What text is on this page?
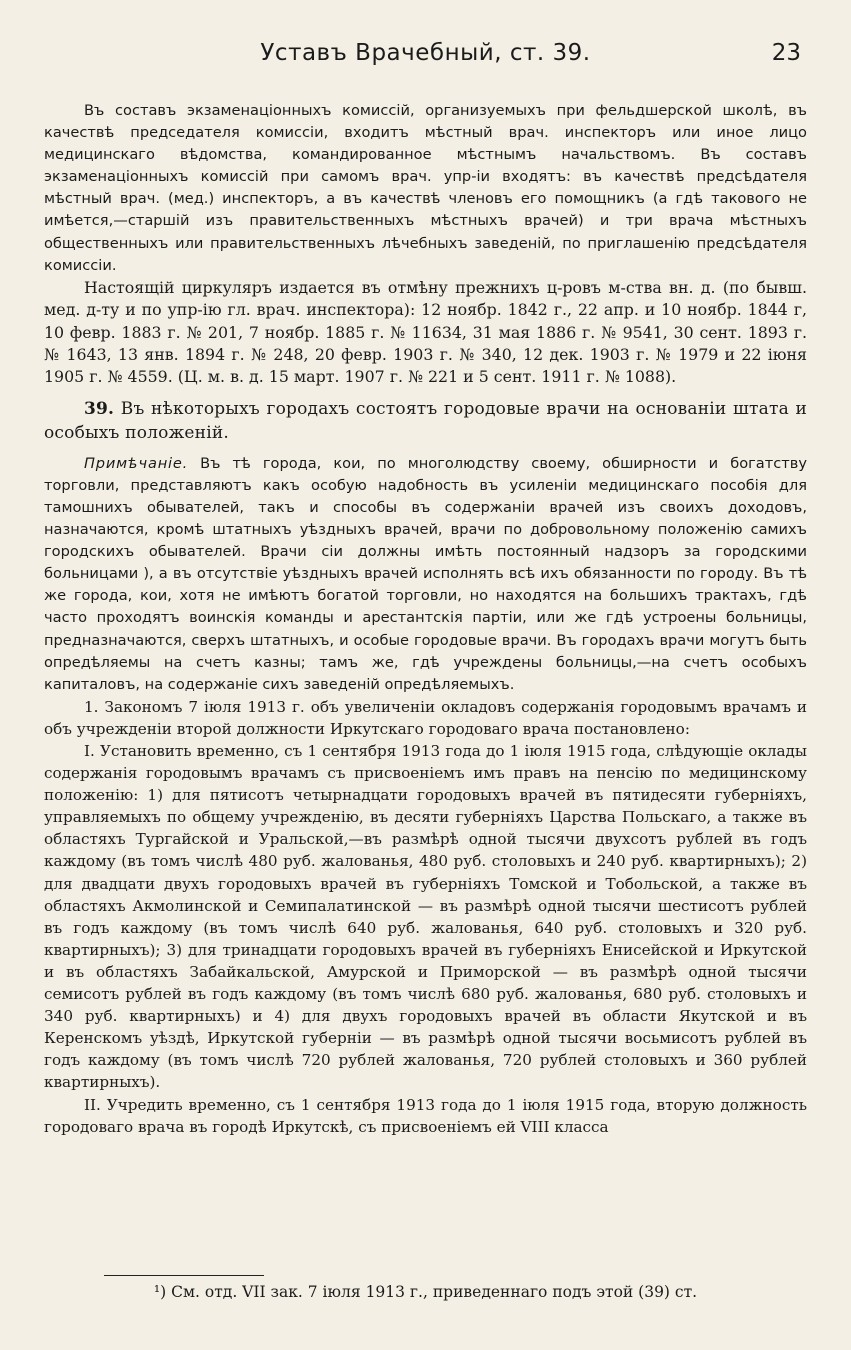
Уставъ Врачебный, ст. 39.	23

Въ составъ экзаменаціонныхъ комиссій, организуемыхъ при фельдшерской школѣ, въ качествѣ председателя комиссіи, входитъ мѣстный врач. инспекторъ или иное лицо медицинскаго вѣдомства, командированное мѣстнымъ начальствомъ. Въ составъ экзаменаціонныхъ комиссій при самомъ врач. упр-іи входятъ: въ качествѣ предсѣдателя мѣстный врач. (мед.) инспекторъ, а въ качествѣ членовъ его помощникъ (а гдѣ такового не имѣется,—старшій изъ правительственныхъ мѣстныхъ врачей) и три врача мѣстныхъ общественныхъ или правительственныхъ лѣчебныхъ заведеній, по приглашенію предсѣдателя комиссіи.

Настоящій циркуляръ издается въ отмѣну прежнихъ ц-ровъ м-ства вн. д. (по бывш. мед. д-ту и по упр-ію гл. врач. инспектора): 12 ноябр. 1842 г., 22 апр. и 10 ноябр. 1844 г, 10 февр. 1883 г. № 201, 7 ноябр. 1885 г. № 11634, 31 мая 1886 г. № 9541, 30 сент. 1893 г. № 1643, 13 янв. 1894 г. № 248, 20 февр. 1903 г. № 340, 12 дек. 1903 г. № 1979 и 22 іюня 1905 г. № 4559. (Ц. м. в. д. 15 март. 1907 г. № 221 и 5 сент. 1911 г. № 1088).

39. Въ нѣкоторыхъ городахъ состоятъ городовые врачи на основаніи штата и особыхъ положеній.

Примѣчаніе. Въ тѣ города, кои, по многолюдству своему, обширности и богатству торговли, представляютъ какъ особую надобность въ усиленіи медицинскаго пособія для тамошнихъ обывателей, такъ и способы въ содержаніи врачей изъ своихъ доходовъ, назначаются, кромѣ штатныхъ уѣздныхъ врачей, врачи по добровольному положенію самихъ городскихъ обывателей. Врачи сіи должны имѣть постоянный надзоръ за городскими больницами ), а въ отсутствіе уѣздныхъ врачей исполнять всѣ ихъ обязанности по городу. Въ тѣ же города, кои, хотя не имѣютъ богатой торговли, но находятся на большихъ трактахъ, гдѣ часто проходятъ воинскія команды и арестантскія партіи, или же гдѣ устроены больницы, предназначаются, сверхъ штатныхъ, и особые городовые врачи. Въ городахъ врачи могутъ быть опредѣляемы на счетъ казны; тамъ же, гдѣ учреждены больницы,—на счетъ особыхъ капиталовъ, на содержаніе сихъ заведеній опредѣляемыхъ.

1. Закономъ 7 іюля 1913 г. объ увеличеніи окладовъ содержанія городовымъ врачамъ и объ учрежденіи второй должности Иркутскаго городоваго врача постановлено:

I. Установить временно, съ 1 сентября 1913 года до 1 іюля 1915 года, слѣдующіе оклады содержанія городовымъ врачамъ съ присвоеніемъ имъ правъ на пенсію по медицинскому положенію: 1) для пятисотъ четырнадцати городовыхъ врачей въ пятидесяти губерніяхъ, управляемыхъ по общему учрежденію, въ десяти губерніяхъ Царства Польскаго, а также въ областяхъ Тургайской и Уральской,—въ размѣрѣ одной тысячи двухсотъ рублей въ годъ каждому (въ томъ числѣ 480 руб. жалованья, 480 руб. столовыхъ и 240 руб. квартирныхъ); 2) для двадцати двухъ городовыхъ врачей въ губерніяхъ Томской и Тобольской, а также въ областяхъ Акмолинской и Семипалатинской — въ размѣрѣ одной тысячи шестисотъ рублей въ годъ каждому (въ томъ числѣ 640 руб. жалованья, 640 руб. столовыхъ и 320 руб. квартирныхъ); 3) для тринадцати городовыхъ врачей въ губерніяхъ Енисейской и Иркутской и въ областяхъ Забайкальской, Амурской и Приморской — въ размѣрѣ одной тысячи семисотъ рублей въ годъ каждому (въ томъ числѣ 680 руб. жалованья, 680 руб. столовыхъ и 340 руб. квартирныхъ) и 4) для двухъ городовыхъ врачей въ области Якутской и въ Керенскомъ уѣздѣ, Иркутской губерніи — въ размѣрѣ одной тысячи восьмисотъ рублей въ годъ каждому (въ томъ числѣ 720 рублей жалованья, 720 рублей столовыхъ и 360 рублей квартирныхъ).

II. Учредить временно, съ 1 сентября 1913 года до 1 іюля 1915 года, вторую должность городоваго врача въ городѣ Иркутскѣ, съ присвоеніемъ ей VIII класса

¹) См. отд. VII зак. 7 іюля 1913 г., приведеннаго подъ этой (39) ст.
